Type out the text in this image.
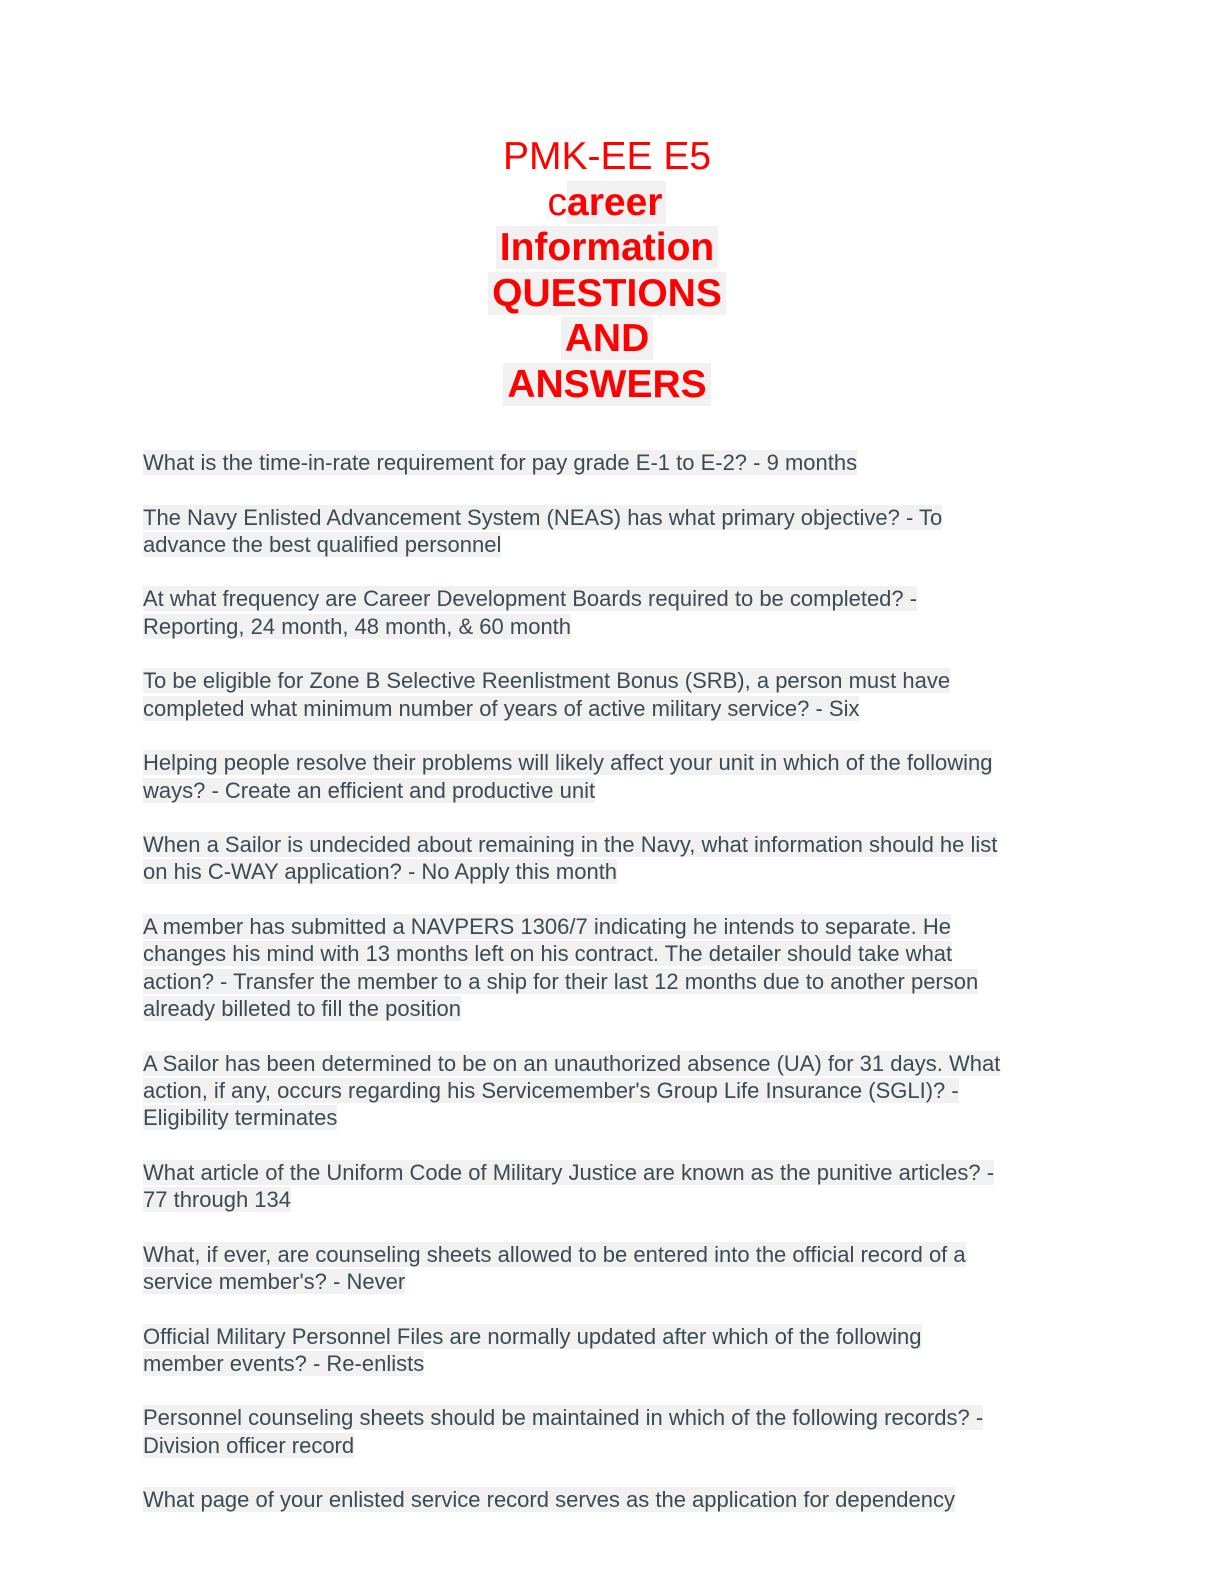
PMK-EE E5
career
Information
QUESTIONS
AND
ANSWERS
What is the time-in-rate requirement for pay grade E-1 to E-2? - 9 months
The Navy Enlisted Advancement System (NEAS) has what primary objective? - To
advance the best qualified personnel
At what frequency are Career Development Boards required to be completed? -
Reporting, 24 month, 48 month, & 60 month
To be eligible for Zone B Selective Reenlistment Bonus (SRB), a person must have
completed what minimum number of years of active military service? - Six
Helping people resolve their problems will likely affect your unit in which of the following
ways? - Create an efficient and productive unit
When a Sailor is undecided about remaining in the Navy, what information should he list
on his C-WAY application? - No Apply this month
A member has submitted a NAVPERS 1306/7 indicating he intends to separate. He
changes his mind with 13 months left on his contract. The detailer should take what
action? - Transfer the member to a ship for their last 12 months due to another person
already billeted to fill the position
A Sailor has been determined to be on an unauthorized absence (UA) for 31 days. What
action, if any, occurs regarding his Servicemember's Group Life Insurance (SGLI)? -
Eligibility terminates
What article of the Uniform Code of Military Justice are known as the punitive articles? -
77 through 134
What, if ever, are counseling sheets allowed to be entered into the official record of a
service member's? - Never
Official Military Personnel Files are normally updated after which of the following
member events? - Re-enlists
Personnel counseling sheets should be maintained in which of the following records? -
Division officer record
What page of your enlisted service record serves as the application for dependency
